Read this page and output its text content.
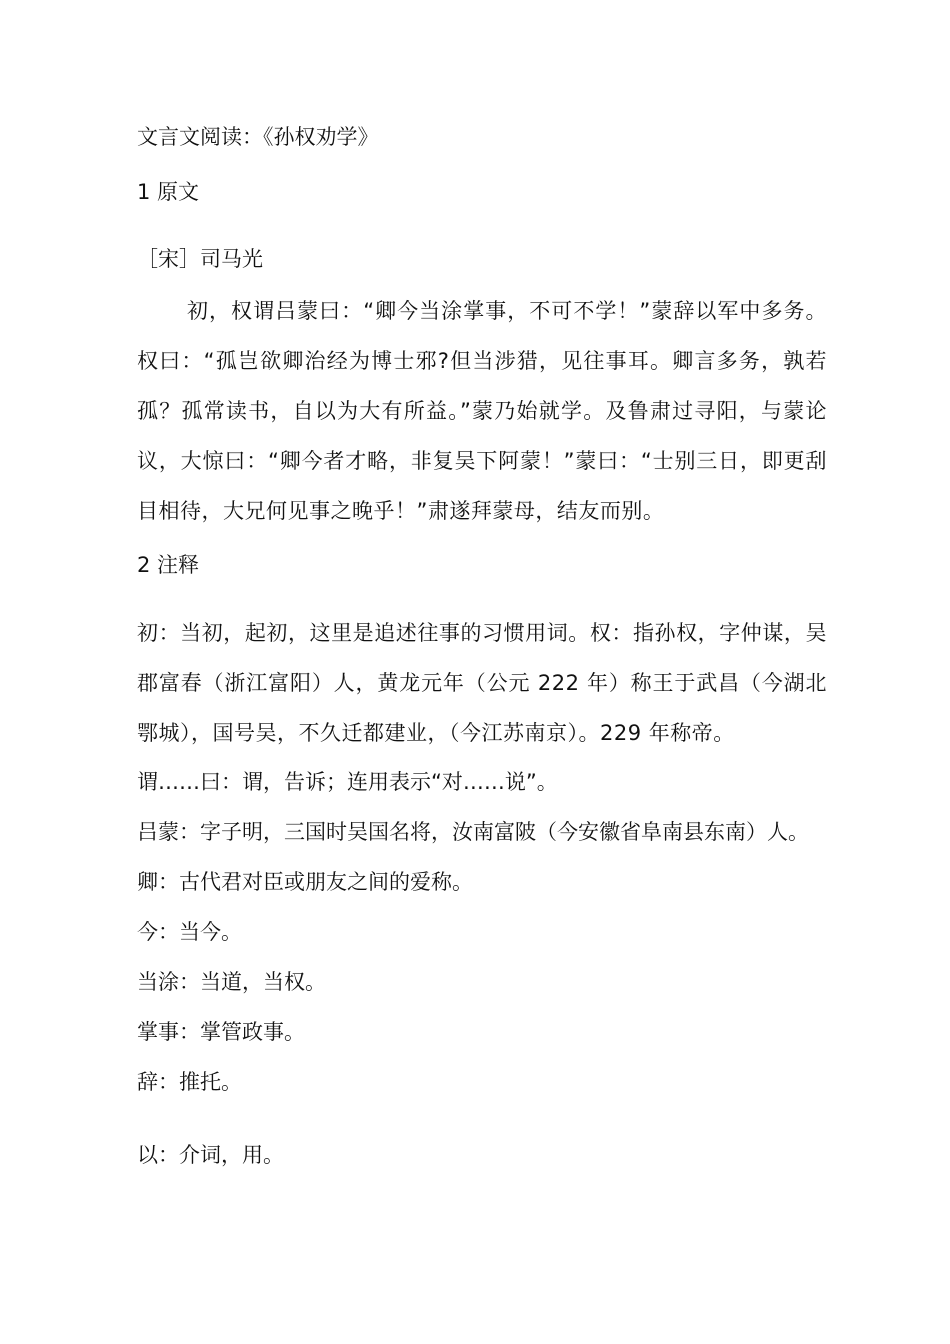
文言文阅读：《孙权劝学》
1 原文
［宋］司马光
初，权谓吕蒙曰：“卿今当涂掌事，不可不学！”蒙辞以军中多务。权曰：“孤岂欲卿治经为博士邪?但当涉猎，见往事耳。卿言多务，孰若孤？孤常读书，自以为大有所益。”蒙乃始就学。及鲁肃过寻阳，与蒙论议，大惊曰：“卿今者才略，非复吴下阿蒙！”蒙曰：“士别三日，即更刮目相待，大兄何见事之晚乎！”肃遂拜蒙母，结友而别。
2 注释
初：当初，起初，这里是追述往事的习惯用词。权：指孙权，字仲谋，吴郡富春（浙江富阳）人，黄龙元年（公元 222 年）称王于武昌（今湖北鄂城），国号吴，不久迁都建业，（今江苏南京）。229 年称帝。
谓……曰：谓，告诉；连用表示“对……说”。
吕蒙：字子明，三国时吴国名将，汝南富陂（今安徽省阜南县东南）人。
卿：古代君对臣或朋友之间的爱称。
今：当今。
当涂：当道，当权。
掌事：掌管政事。
辞：推托。
以：介词，用。
